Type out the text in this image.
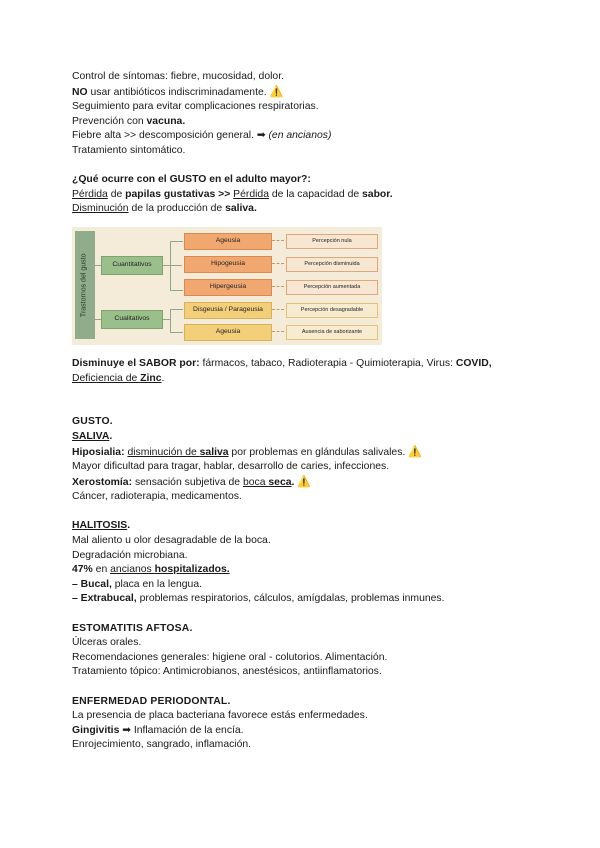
Control de síntomas: fiebre, mucosidad, dolor.
NO usar antibióticos indiscriminadamente. ⚠️
Seguimiento para evitar complicaciones respiratorias.
Prevención con vacuna.
Fiebre alta >> descomposición general. ➡ (en ancianos)
Tratamiento sintomático.
¿Qué ocurre con el GUSTO en el adulto mayor?:
Pérdida de papilas gustativas >> Pérdida de la capacidad de sabor.
Disminución de la producción de saliva.
Trastornos del gusto	Cuantitativos
Cualitativos
Ageusia
Hipogeusia
Hipergeusia
Disgeusia / Parageusia
Ageusia
Percepción nula
Percepción disminuida
Percepción aumentada
Percepción desagradable
Ausencia de saborizante
Disminuye el SABOR por: fármacos, tabaco, Radioterapia - Quimioterapia, Virus: COVID,
Deficiencia de Zinc.
GUSTO.
SALIVA.
Hiposialia: disminución de saliva por problemas en glándulas salivales. ⚠️
Mayor dificultad para tragar, hablar, desarrollo de caries, infecciones.
Xerostomía: sensación subjetiva de boca seca. ⚠️
Cáncer, radioterapia, medicamentos.
HALITOSIS.
Mal aliento u olor desagradable de la boca.
Degradación microbiana.
47% en ancianos hospitalizados.
– Bucal, placa en la lengua.
– Extrabucal, problemas respiratorios, cálculos, amígdalas, problemas inmunes.
ESTOMATITIS AFTOSA.
Úlceras orales.
Recomendaciones generales: higiene oral - colutorios. Alimentación.
Tratamiento tópico: Antimicrobianos, anestésicos, antiinflamatorios.
ENFERMEDAD PERIODONTAL.
La presencia de placa bacteriana favorece estás enfermedades.
Gingivitis ➡ Inflamación de la encía.
Enrojecimiento, sangrado, inflamación.
